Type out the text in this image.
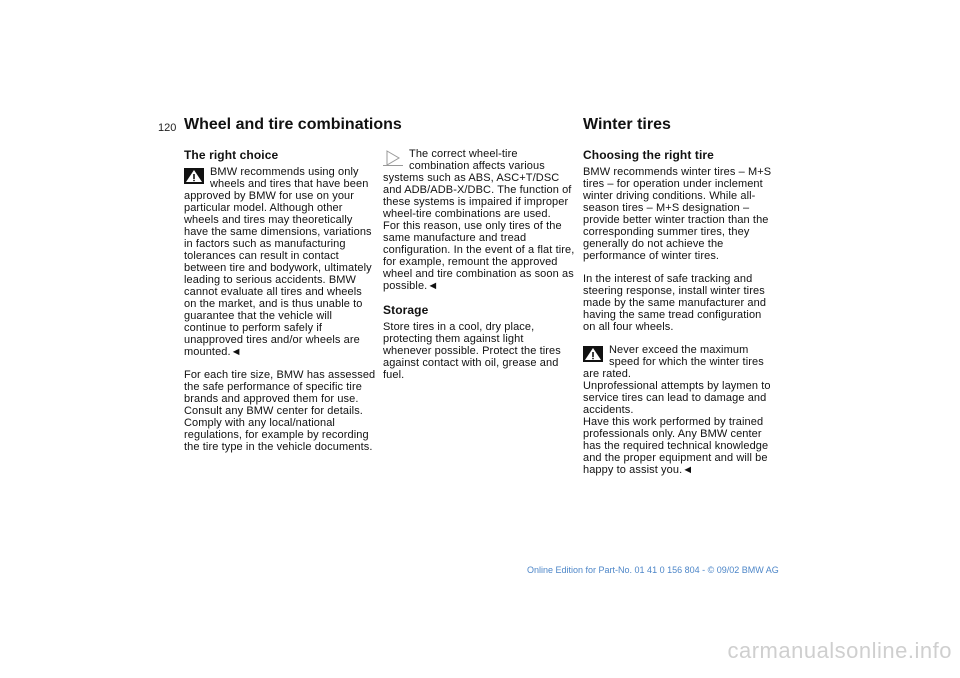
120 Wheel and tire combinations	Winter tires
The right choice

BMW recommends using only wheels and tires that have been approved by BMW for use on your particular model. Although other wheels and tires may theoretically have the same dimensions, variations in factors such as manufacturing tolerances can result in contact between tire and bodywork, ultimately leading to serious accidents. BMW cannot evaluate all tires and wheels on the market, and is thus unable to guarantee that the vehicle will continue to perform safely if unapproved tires and/or wheels are mounted.◄

For each tire size, BMW has assessed the safe performance of specific tire brands and approved them for use. Consult any BMW center for details. Comply with any local/national regulations, for example by recording the tire type in the vehicle documents.

The correct wheel-tire combination affects various systems such as ABS, ASC+T/DSC and ADB/ADB-X/DBC. The function of these systems is impaired if improper wheel-tire combinations are used.

For this reason, use only tires of the same manufacture and tread configuration. In the event of a flat tire, for example, remount the approved wheel and tire combination as soon as possible.◄

Storage

Store tires in a cool, dry place, protecting them against light whenever possible. Protect the tires against contact with oil, grease and fuel.

Choosing the right tire

BMW recommends winter tires – M+S tires – for operation under inclement winter driving conditions. While all-season tires – M+S designation – provide better winter traction than the corresponding summer tires, they generally do not achieve the performance of winter tires.

In the interest of safe tracking and steering response, install winter tires made by the same manufacturer and having the same tread configuration on all four wheels.

Never exceed the maximum speed for which the winter tires are rated.

Unprofessional attempts by laymen to service tires can lead to damage and accidents.

Have this work performed by trained professionals only. Any BMW center has the required technical knowledge and the proper equipment and will be happy to assist you.◄

Online Edition for Part-No. 01 41 0 156 804 - © 09/02 BMW AG
carmanualsonline.info
